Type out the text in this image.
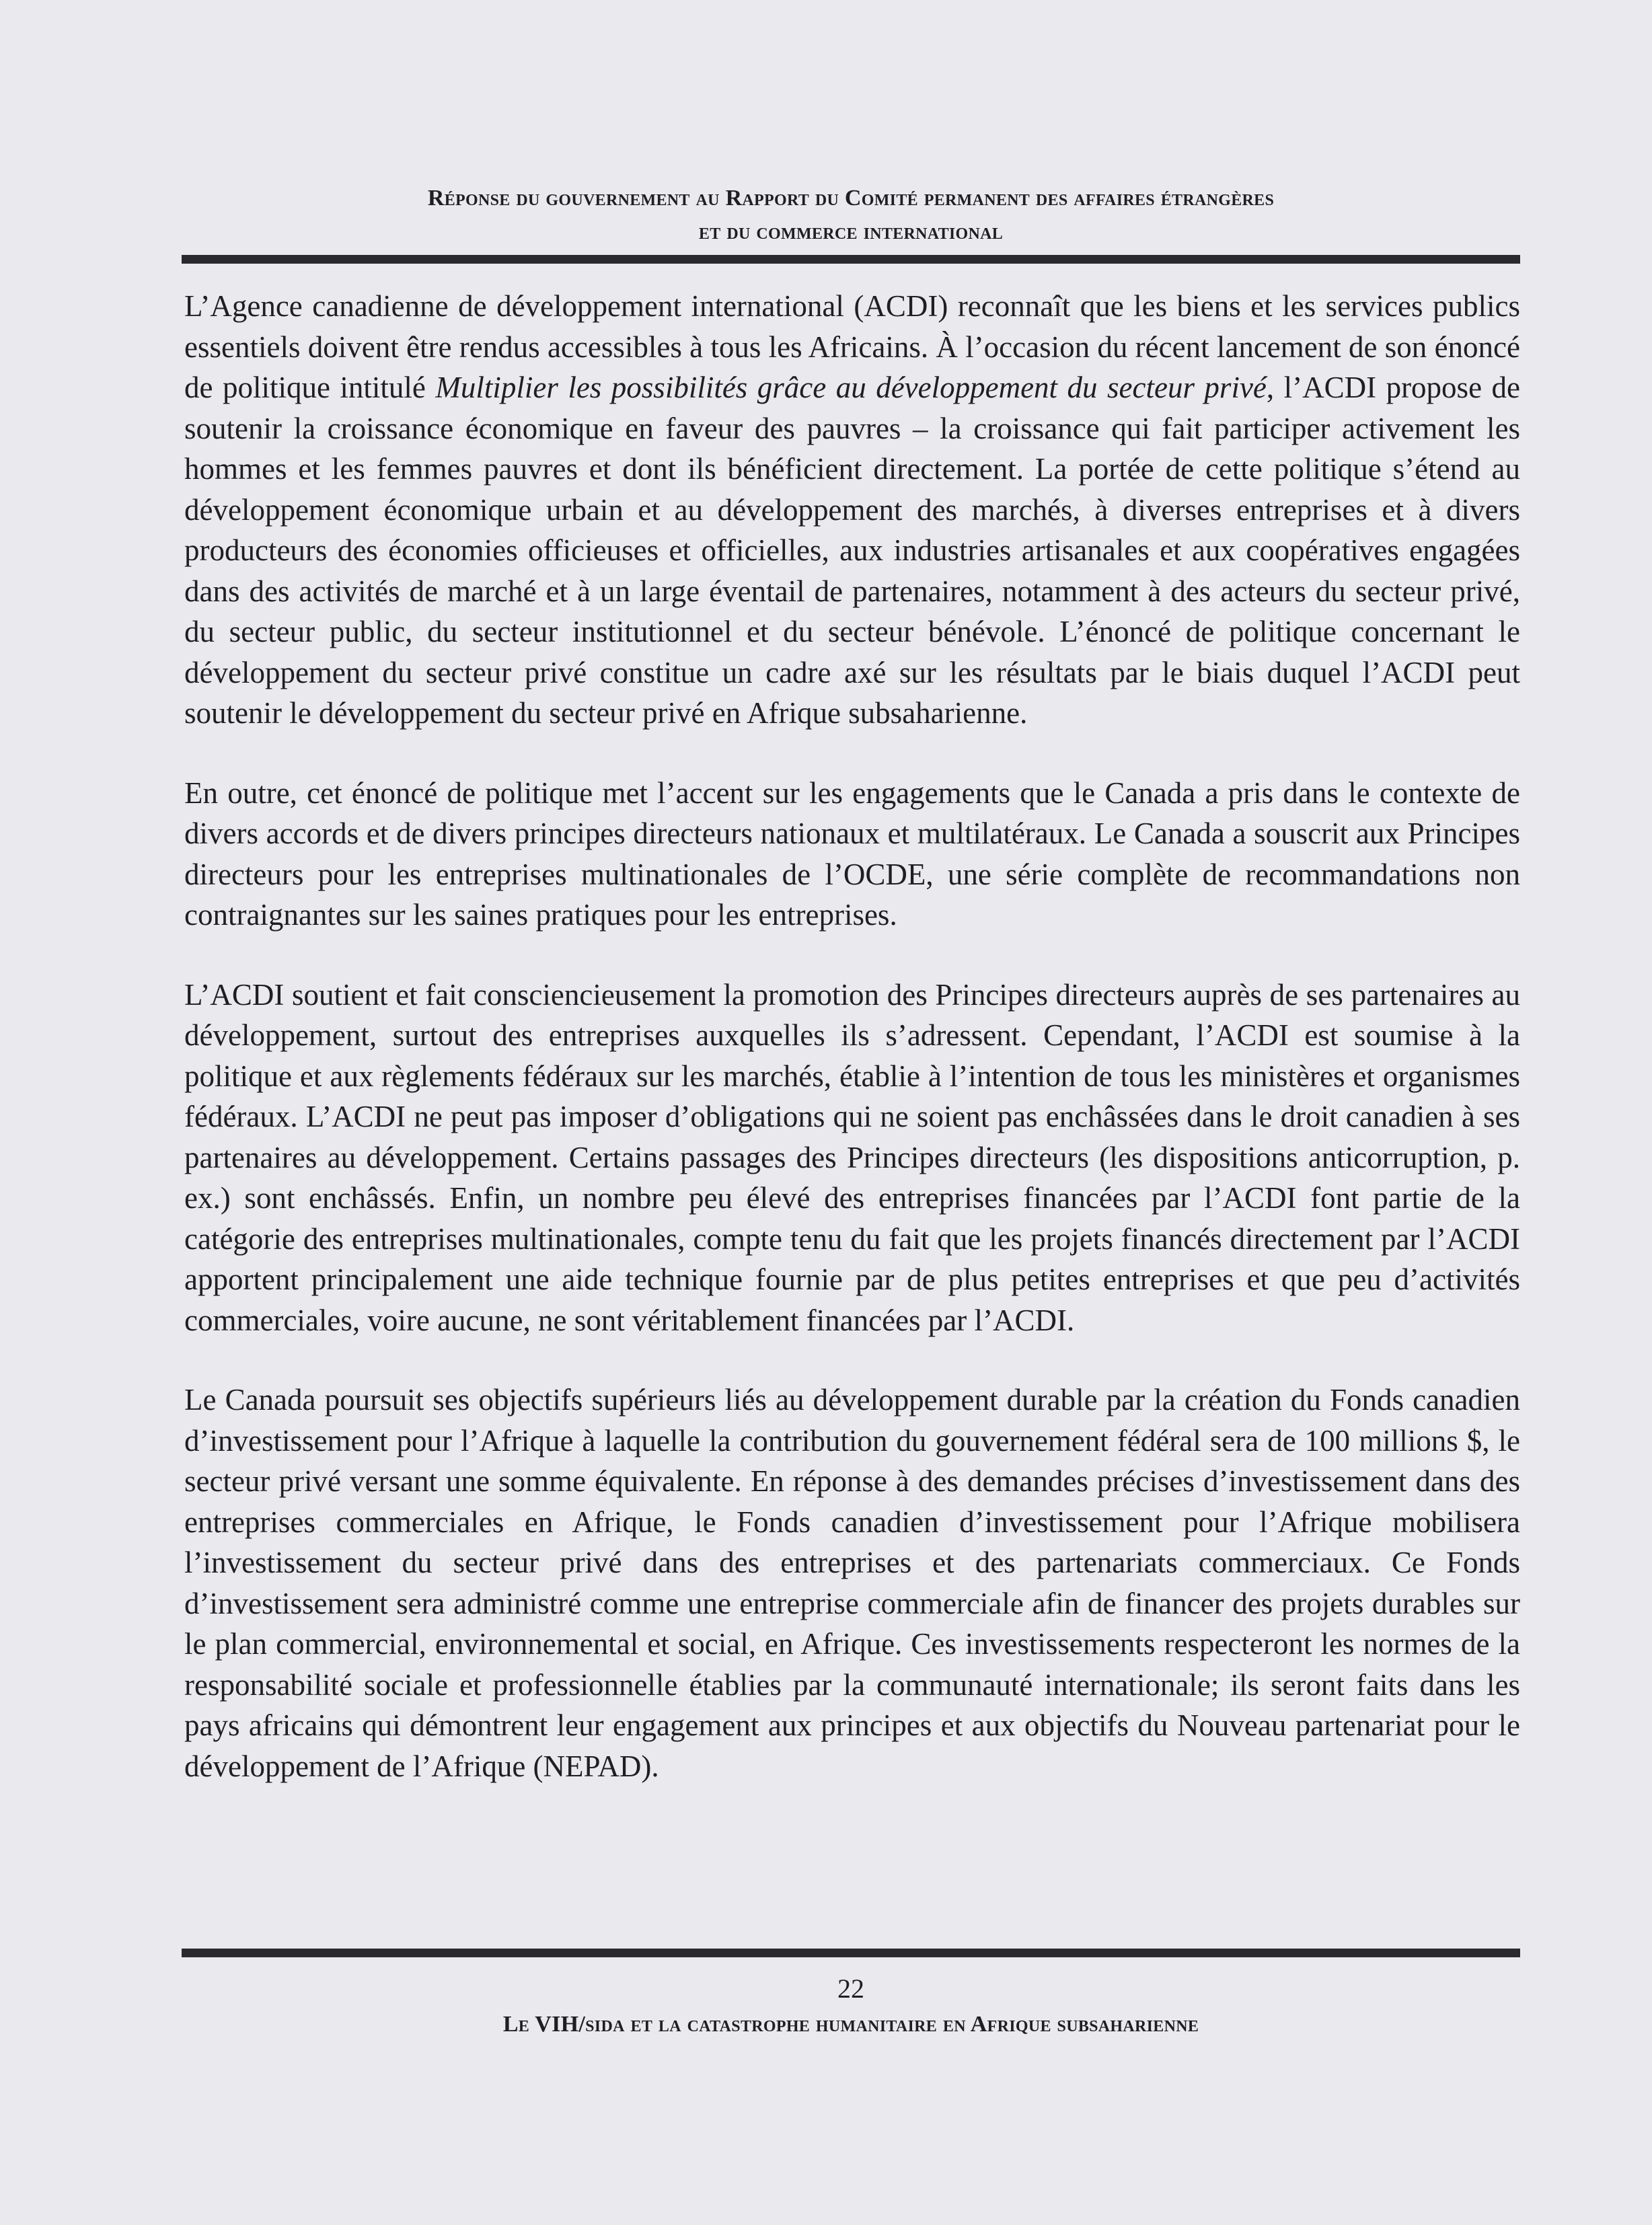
Réponse du gouvernement au Rapport du Comité permanent des affaires étrangères
et du commerce international

L’Agence canadienne de développement international (ACDI) reconnaît que les biens et les services publics essentiels doivent être rendus accessibles à tous les Africains. À l’occasion du récent lancement de son énoncé de politique intitulé Multiplier les possibilités grâce au développement du secteur privé, l’ACDI propose de soutenir la croissance économique en faveur des pauvres – la croissance qui fait participer activement les hommes et les femmes pauvres et dont ils bénéficient directement. La portée de cette politique s’étend au développement économique urbain et au développement des marchés, à diverses entreprises et à divers producteurs des économies officieuses et officielles, aux industries artisanales et aux coopératives engagées dans des activités de marché et à un large éventail de partenaires, notamment à des acteurs du secteur privé, du secteur public, du secteur institutionnel et du secteur bénévole. L’énoncé de politique concernant le développement du secteur privé constitue un cadre axé sur les résultats par le biais duquel l’ACDI peut soutenir le développement du secteur privé en Afrique subsaharienne.

En outre, cet énoncé de politique met l’accent sur les engagements que le Canada a pris dans le contexte de divers accords et de divers principes directeurs nationaux et multilatéraux. Le Canada a souscrit aux Principes directeurs pour les entreprises multinationales de l’OCDE, une série complète de recommandations non contraignantes sur les saines pratiques pour les entreprises.

L’ACDI soutient et fait consciencieusement la promotion des Principes directeurs auprès de ses partenaires au développement, surtout des entreprises auxquelles ils s’adressent. Cependant, l’ACDI est soumise à la politique et aux règlements fédéraux sur les marchés, établie à l’intention de tous les ministères et organismes fédéraux. L’ACDI ne peut pas imposer d’obligations qui ne soient pas enchâssées dans le droit canadien à ses partenaires au développement. Certains passages des Principes directeurs (les dispositions anticorruption, p. ex.) sont enchâssés. Enfin, un nombre peu élevé des entreprises financées par l’ACDI font partie de la catégorie des entreprises multinationales, compte tenu du fait que les projets financés directement par l’ACDI apportent principalement une aide technique fournie par de plus petites entreprises et que peu d’activités commerciales, voire aucune, ne sont véritablement financées par l’ACDI.

Le Canada poursuit ses objectifs supérieurs liés au développement durable par la création du Fonds canadien d’investissement pour l’Afrique à laquelle la contribution du gouvernement fédéral sera de 100 millions $, le secteur privé versant une somme équivalente. En réponse à des demandes précises d’investissement dans des entreprises commerciales en Afrique, le Fonds canadien d’investissement pour l’Afrique mobilisera l’investissement du secteur privé dans des entreprises et des partenariats commerciaux. Ce Fonds d’investissement sera administré comme une entreprise commerciale afin de financer des projets durables sur le plan commercial, environnemental et social, en Afrique. Ces investissements respecteront les normes de la responsabilité sociale et professionnelle établies par la communauté internationale; ils seront faits dans les pays africains qui démontrent leur engagement aux principes et aux objectifs du Nouveau partenariat pour le développement de l’Afrique (NEPAD).

22
Le VIH/sida et la catastrophe humanitaire en Afrique subsaharienne
